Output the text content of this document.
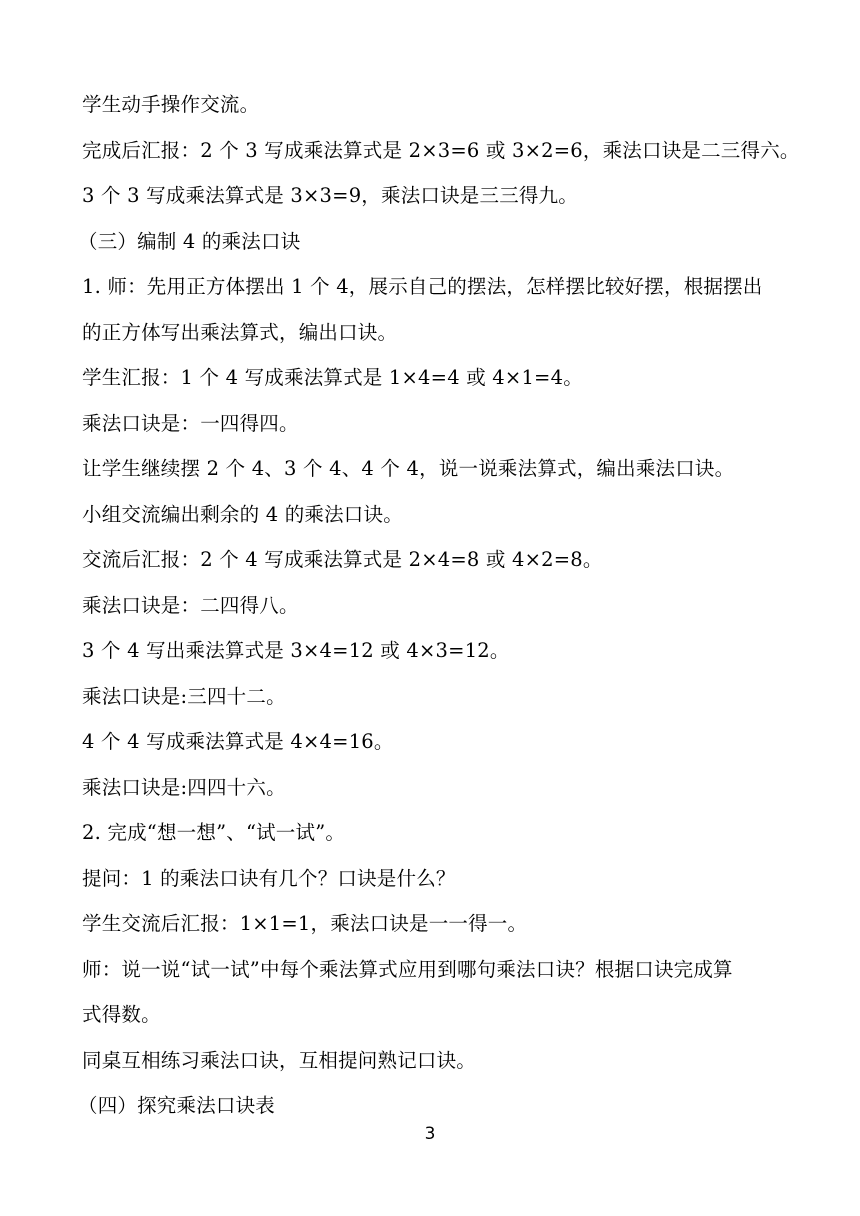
学生动手操作交流。
完成后汇报：2 个 3 写成乘法算式是 2×3=6 或 3×2=6，乘法口诀是二三得六。
3 个 3 写成乘法算式是 3×3=9，乘法口诀是三三得九。
（三）编制 4 的乘法口诀
1. 师：先用正方体摆出 1 个 4，展示自己的摆法，怎样摆比较好摆，根据摆出
的正方体写出乘法算式，编出口诀。
学生汇报：1 个 4 写成乘法算式是 1×4=4 或 4×1=4。
乘法口诀是：一四得四。
让学生继续摆 2 个 4、3 个 4、4 个 4，说一说乘法算式，编出乘法口诀。
小组交流编出剩余的 4 的乘法口诀。
交流后汇报：2 个 4 写成乘法算式是 2×4=8 或 4×2=8。
乘法口诀是：二四得八。
3 个 4 写出乘法算式是 3×4=12 或 4×3=12。
乘法口诀是:三四十二。
4 个 4 写成乘法算式是 4×4=16。
乘法口诀是:四四十六。
2. 完成“想一想”、“试一试”。
提问：1 的乘法口诀有几个？口诀是什么？
学生交流后汇报：1×1=1，乘法口诀是一一得一。
师：说一说“试一试”中每个乘法算式应用到哪句乘法口诀？根据口诀完成算
式得数。
同桌互相练习乘法口诀，互相提问熟记口诀。
（四）探究乘法口诀表
3
